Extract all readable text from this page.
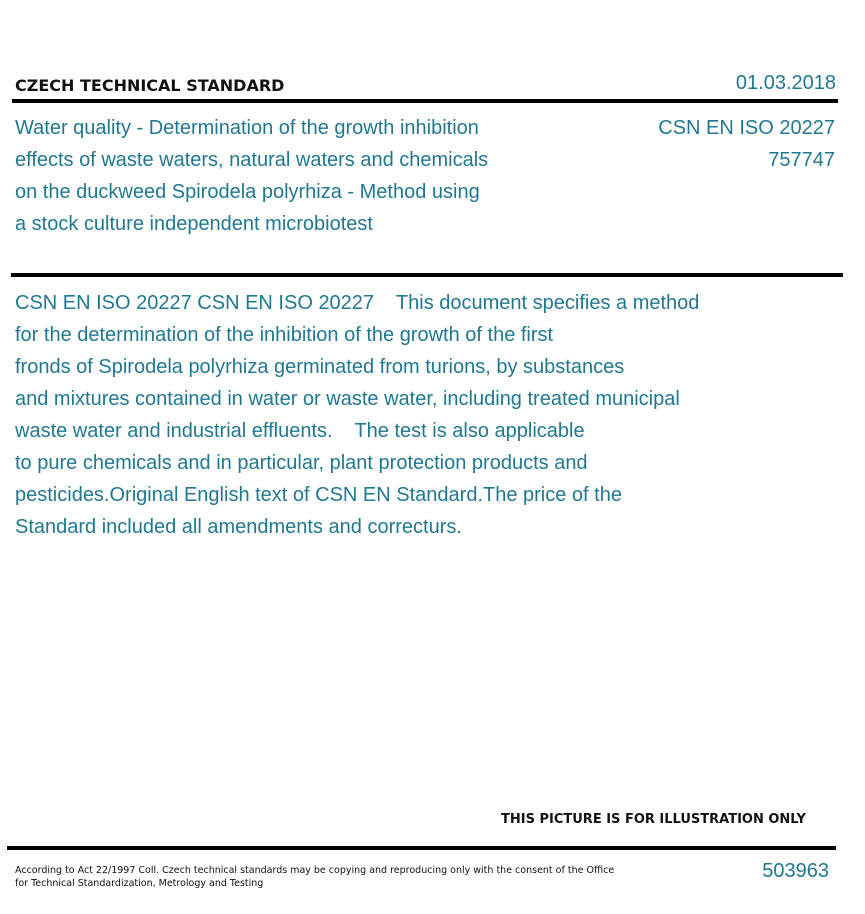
CZECH TECHNICAL STANDARD	01.03.2018
Water quality - Determination of the growth inhibition
effects of waste waters, natural waters and chemicals
on the duckweed Spirodela polyrhiza - Method using
a stock culture independent microbiotest
CSN EN ISO 20227
757747
CSN EN ISO 20227 CSN EN ISO 20227    This document specifies a method
for the determination of the inhibition of the growth of the first
fronds of Spirodela polyrhiza germinated from turions, by substances
and mixtures contained in water or waste water, including treated municipal
waste water and industrial effluents.    The test is also applicable
to pure chemicals and in particular, plant protection products and
pesticides.Original English text of CSN EN Standard.The price of the
Standard included all amendments and correcturs.
THIS PICTURE IS FOR ILLUSTRATION ONLY
According to Act 22/1997 Coll. Czech technical standards may be copying and reproducing only with the consent of the Office
for Technical Standardization, Metrology and Testing
503963
